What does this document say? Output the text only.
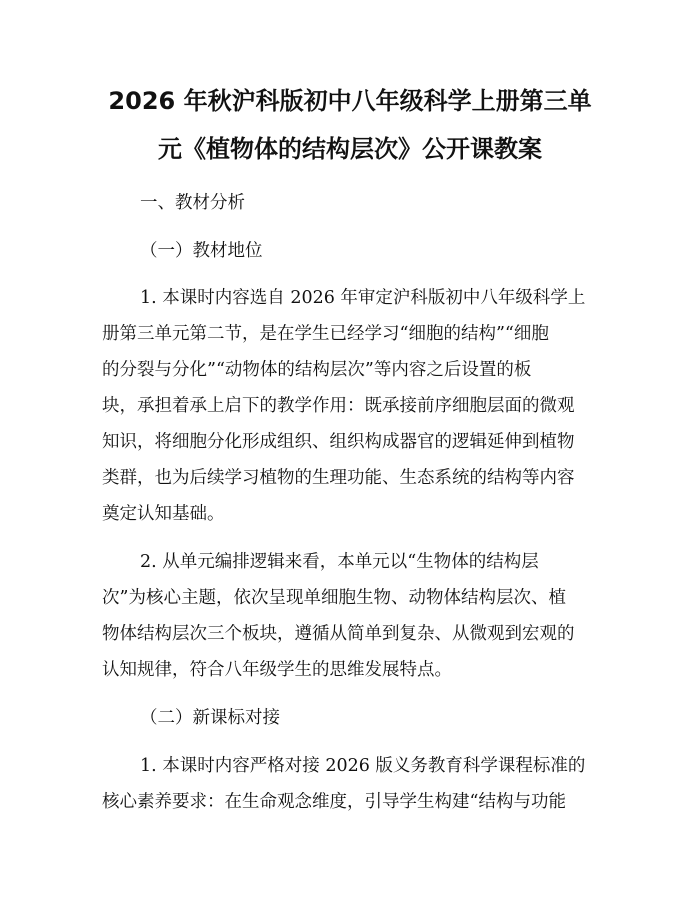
2026 年秋沪科版初中八年级科学上册第三单
元《植物体的结构层次》公开课教案
一、教材分析
（一）教材地位
1. 本课时内容选自 2026 年审定沪科版初中八年级科学上
册第三单元第二节，是在学生已经学习“细胞的结构”“细胞
的分裂与分化”“动物体的结构层次”等内容之后设置的板
块，承担着承上启下的教学作用：既承接前序细胞层面的微观
知识，将细胞分化形成组织、组织构成器官的逻辑延伸到植物
类群，也为后续学习植物的生理功能、生态系统的结构等内容
奠定认知基础。
2. 从单元编排逻辑来看，本单元以“生物体的结构层
次”为核心主题，依次呈现单细胞生物、动物体结构层次、植
物体结构层次三个板块，遵循从简单到复杂、从微观到宏观的
认知规律，符合八年级学生的思维发展特点。
（二）新课标对接
1. 本课时内容严格对接 2026 版义务教育科学课程标准的
核心素养要求：在生命观念维度，引导学生构建“结构与功能
